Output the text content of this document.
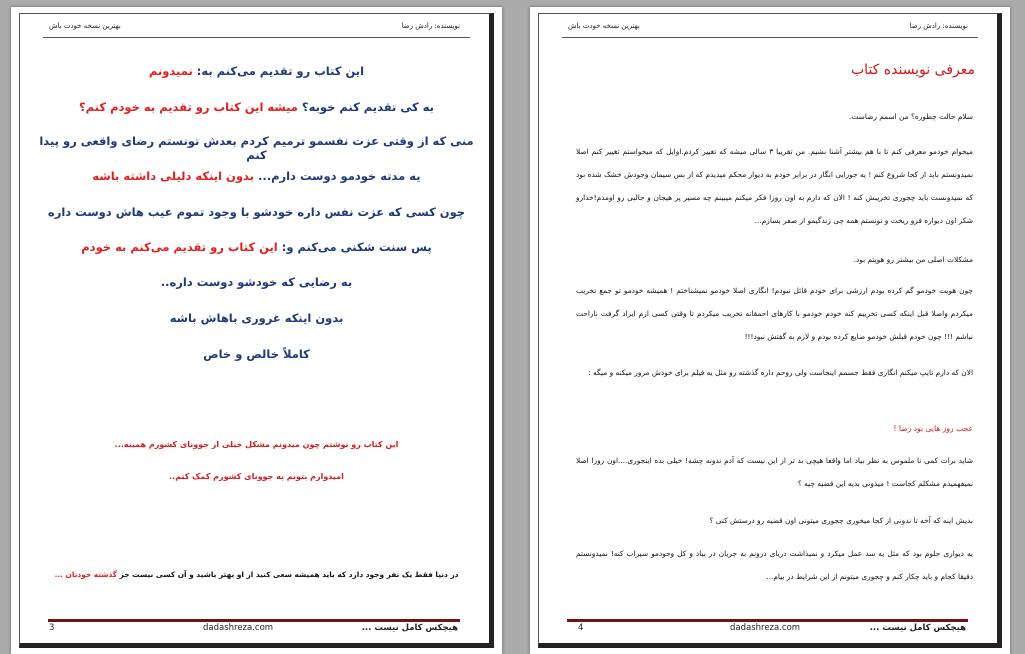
نویسنده: رادش رضا
بهترین نسخه خودت باش
این کتاب رو تقدیم می‌کنم به: نمیدونم
به کی تقدیم کنم خوبه؟ میشه این کتاب رو تقدیم به خودم کنم؟
منی که از وقتی عزت نفسمو ترمیم کردم بعدش تونستم رضای واقعی رو پیدا کنم
یه مدته خودمو دوست دارم... بدون اینکه دلیلی داشته باشه
چون کسی که عزت نفس داره خودشو با وجود تموم عیب هاش دوست داره
پس سنت شکنی می‌کنم و: این کتاب رو تقدیم می‌کنم به خودم
به رضایی که خودشو دوست داره..
بدون اینکه غروری باهاش باشه
کاملاً خالص و خاص
این کتاب رو نوشتم چون میدونم مشکل خیلی از جوونای کشورم همینه...
امیدوارم بتونم به جوونای کشورم کمک کنم..
در دنیا فقط یک نفر وجود دارد که باید همیشه سعی کنید از او بهتر باشید و آن کسی نیست جز گذشته خودتان ...
3	dadashreza.com	هیچکس کامل نیست ...
نویسنده: رادش رضا
بهترین نسخه خودت باش
معرفی نویسنده کتاب
سلام حالت چطوره؟ من اسمم رضاست.
میخوام خودمو معرفی کنم تا با هم بیشتر آشنا بشیم. من تقریبا ۳ سالی میشه که تغییر کردم.اوایل که میخواستم تغییر کنم اصلا نمیدونستم باید از کجا شروع کنم ! یه جورایی انگار در برابر خودم به دیوار محکم میدیدم که از بس سیمان وجودش خشک شده بود که نمیدونست باید چجوری تخریبش کنه ! الان که دارم به اون روزا فکر میکنم میبینم چه مسیر پر هیجان و جالبی رو اومدم!خدارو شکر اون دیواره فرو ریخت و تونستم همه چی زندگیمو از صفر بسازم...
مشکلات اصلی من بیشتر رو هویتم بود.
چون هویت خودمو گم کرده بودم ارزشی برای خودم قائل نبودم! انگاری اصلا خودمو نمیشناختم ! همیشه خودمو تو جمع تخریب میکردم واصلا قبل اینکه کسی تخریبم کنه خودم خودمو با کارهای احمقانه تخریب میکردم تا وقتی کسی ازم ایراد گرفت ناراحت نباشم !!! چون خودم قبلش خودمو ضایع کرده بودم و لازم به گفتش نبود!!!
الان که دارم تایپ میکنم انگاری فقط جسمم اینجاست ولی روحم داره گذشته رو مثل یه فیلم برای خودش مرور میکنه و میگه :
عجب روز هایی بود رضا !
شاید برات کمی نا ملموس به نظر بیاد اما واقعا هیچی بد تر از این نیست که آدم ندونه چشه! خیلی بده اینجوری....اون روزا اصلا نمیفهمیدم مشکلم کجاست ! میدونی بدیه این قضیه چیه ؟
بدیش اینه که آخه تا ندونی از کجا میخوری چجوری میتونی اون قضیه رو درستش کنی ؟
یه دیواری جلوم بود که مثل یه سد عمل میکرد و نمیذاشت دریای درونم به جریان در بیاد و کل وجودمو سیراب کنه! نمیدونستم دقیقا کجام و باید چکار کنم و چجوری میتونم از این شرایط در بیام...
4	dadashreza.com	هیچکس کامل نیست ...
